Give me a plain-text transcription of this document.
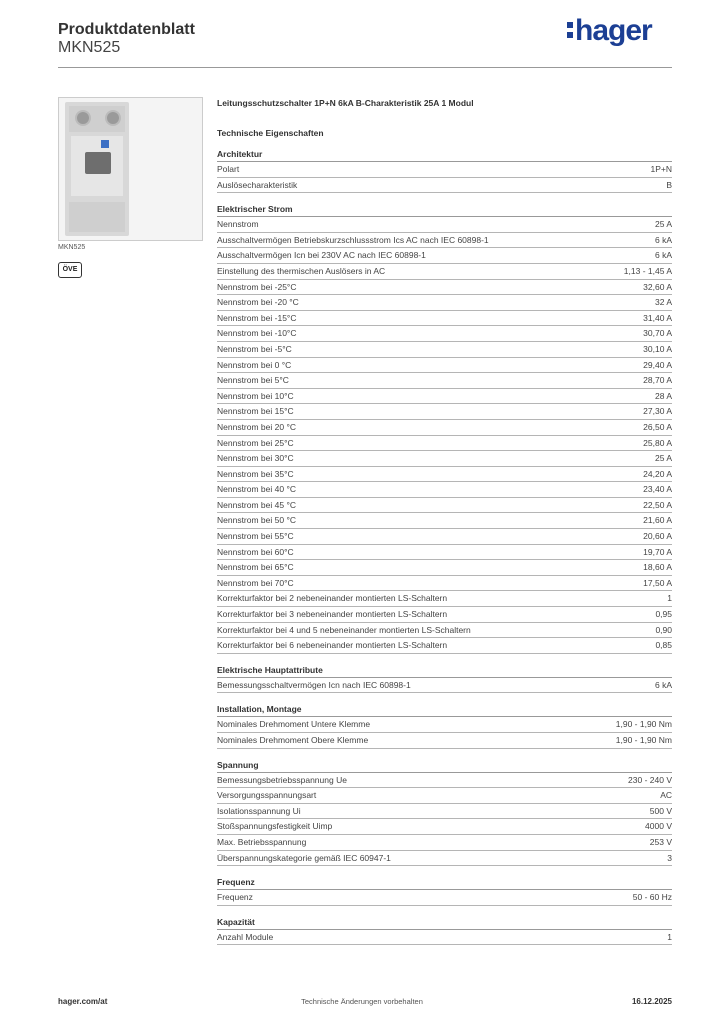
Produktdatenblatt
MKN525
hager
MKN525
ÖVE
Leitungsschutzschalter 1P+N 6kA B-Charakteristik 25A 1 Modul
Technische Eigenschaften
Architektur
Polart	1P+N
Auslösecharakteristik	B
Elektrischer Strom
Nennstrom	25 A
Ausschaltvermögen Betriebskurzschlussstrom Ics AC nach IEC 60898-1	6 kA
Ausschaltvermögen Icn bei 230V AC nach IEC 60898-1	6 kA
Einstellung des thermischen Auslösers in AC	1,13 - 1,45 A
Nennstrom bei -25°C	32,60 A
Nennstrom bei -20 °C	32 A
Nennstrom bei -15°C	31,40 A
Nennstrom bei -10°C	30,70 A
Nennstrom bei -5°C	30,10 A
Nennstrom bei 0 °C	29,40 A
Nennstrom bei 5°C	28,70 A
Nennstrom bei 10°C	28 A
Nennstrom bei 15°C	27,30 A
Nennstrom bei 20 °C	26,50 A
Nennstrom bei 25°C	25,80 A
Nennstrom bei 30°C	25 A
Nennstrom bei 35°C	24,20 A
Nennstrom bei 40 °C	23,40 A
Nennstrom bei 45 °C	22,50 A
Nennstrom bei 50 °C	21,60 A
Nennstrom bei 55°C	20,60 A
Nennstrom bei 60°C	19,70 A
Nennstrom bei 65°C	18,60 A
Nennstrom bei 70°C	17,50 A
Korrekturfaktor bei 2 nebeneinander montierten LS-Schaltern	1
Korrekturfaktor bei 3 nebeneinander montierten LS-Schaltern	0,95
Korrekturfaktor bei 4 und 5 nebeneinander montierten LS-Schaltern	0,90
Korrekturfaktor bei 6 nebeneinander montierten LS-Schaltern	0,85
Elektrische Hauptattribute
Bemessungsschaltvermögen Icn nach IEC 60898-1	6 kA
Installation, Montage
Nominales Drehmoment Untere Klemme	1,90 - 1,90 Nm
Nominales Drehmoment Obere Klemme	1,90 - 1,90 Nm
Spannung
Bemessungsbetriebsspannung Ue	230 - 240 V
Versorgungsspannungsart	AC
Isolationsspannung Ui	500 V
Stoßspannungsfestigkeit Uimp	4000 V
Max. Betriebsspannung	253 V
Überspannungskategorie gemäß IEC 60947-1	3
Frequenz
Frequenz	50 - 60 Hz
Kapazität
Anzahl Module	1
hager.com/at	Technische Änderungen vorbehalten	16.12.2025
